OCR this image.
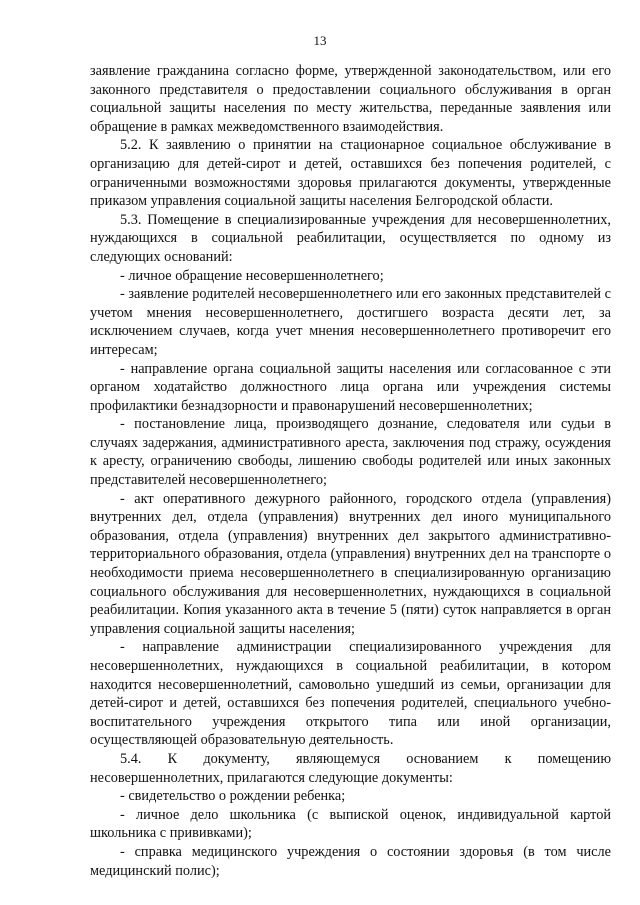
13

заявление гражданина согласно форме, утвержденной законодательством, или его законного представителя о предоставлении социального обслуживания в орган социальной защиты населения по месту жительства, переданные заявления или обращение в рамках межведомственного взаимодействия.

5.2. К заявлению о принятии на стационарное социальное обслуживание в организацию для детей-сирот и детей, оставшихся без попечения родителей, с ограниченными возможностями здоровья прилагаются документы, утвержденные приказом управления социальной защиты населения Белгородской области.

5.3. Помещение в специализированные учреждения для несовершеннолетних, нуждающихся в социальной реабилитации, осуществляется по одному из следующих оснований:

- личное обращение несовершеннолетнего;

- заявление родителей несовершеннолетнего или его законных представителей с учетом мнения несовершеннолетнего, достигшего возраста десяти лет, за исключением случаев, когда учет мнения несовершеннолетнего противоречит его интересам;

- направление органа социальной защиты населения или согласованное с эти органом ходатайство должностного лица органа или учреждения системы профилактики безнадзорности и правонарушений несовершеннолетних;

- постановление лица, производящего дознание, следователя или судьи в случаях задержания, административного ареста, заключения под стражу, осуждения к аресту, ограничению свободы, лишению свободы родителей или иных законных представителей несовершеннолетнего;

- акт оперативного дежурного районного, городского отдела (управления) внутренних дел, отдела (управления) внутренних дел иного муниципального образования, отдела (управления) внутренних дел закрытого административно-территориального образования, отдела (управления) внутренних дел на транспорте о необходимости приема несовершеннолетнего в специализированную организацию социального обслуживания для несовершеннолетних, нуждающихся в социальной реабилитации. Копия указанного акта в течение 5 (пяти) суток направляется в орган управления социальной защиты населения;

- направление администрации специализированного учреждения для несовершеннолетних, нуждающихся в социальной реабилитации, в котором находится несовершеннолетний, самовольно ушедший из семьи, организации для детей-сирот и детей, оставшихся без попечения родителей, специального учебно-воспитательного учреждения открытого типа или иной организации, осуществляющей образовательную деятельность.

5.4. К документу, являющемуся основанием к помещению несовершеннолетних, прилагаются следующие документы:

- свидетельство о рождении ребенка;

- личное дело школьника (с выпиской оценок, индивидуальной картой школьника с прививками);

- справка медицинского учреждения о состоянии здоровья (в том числе медицинский полис);
